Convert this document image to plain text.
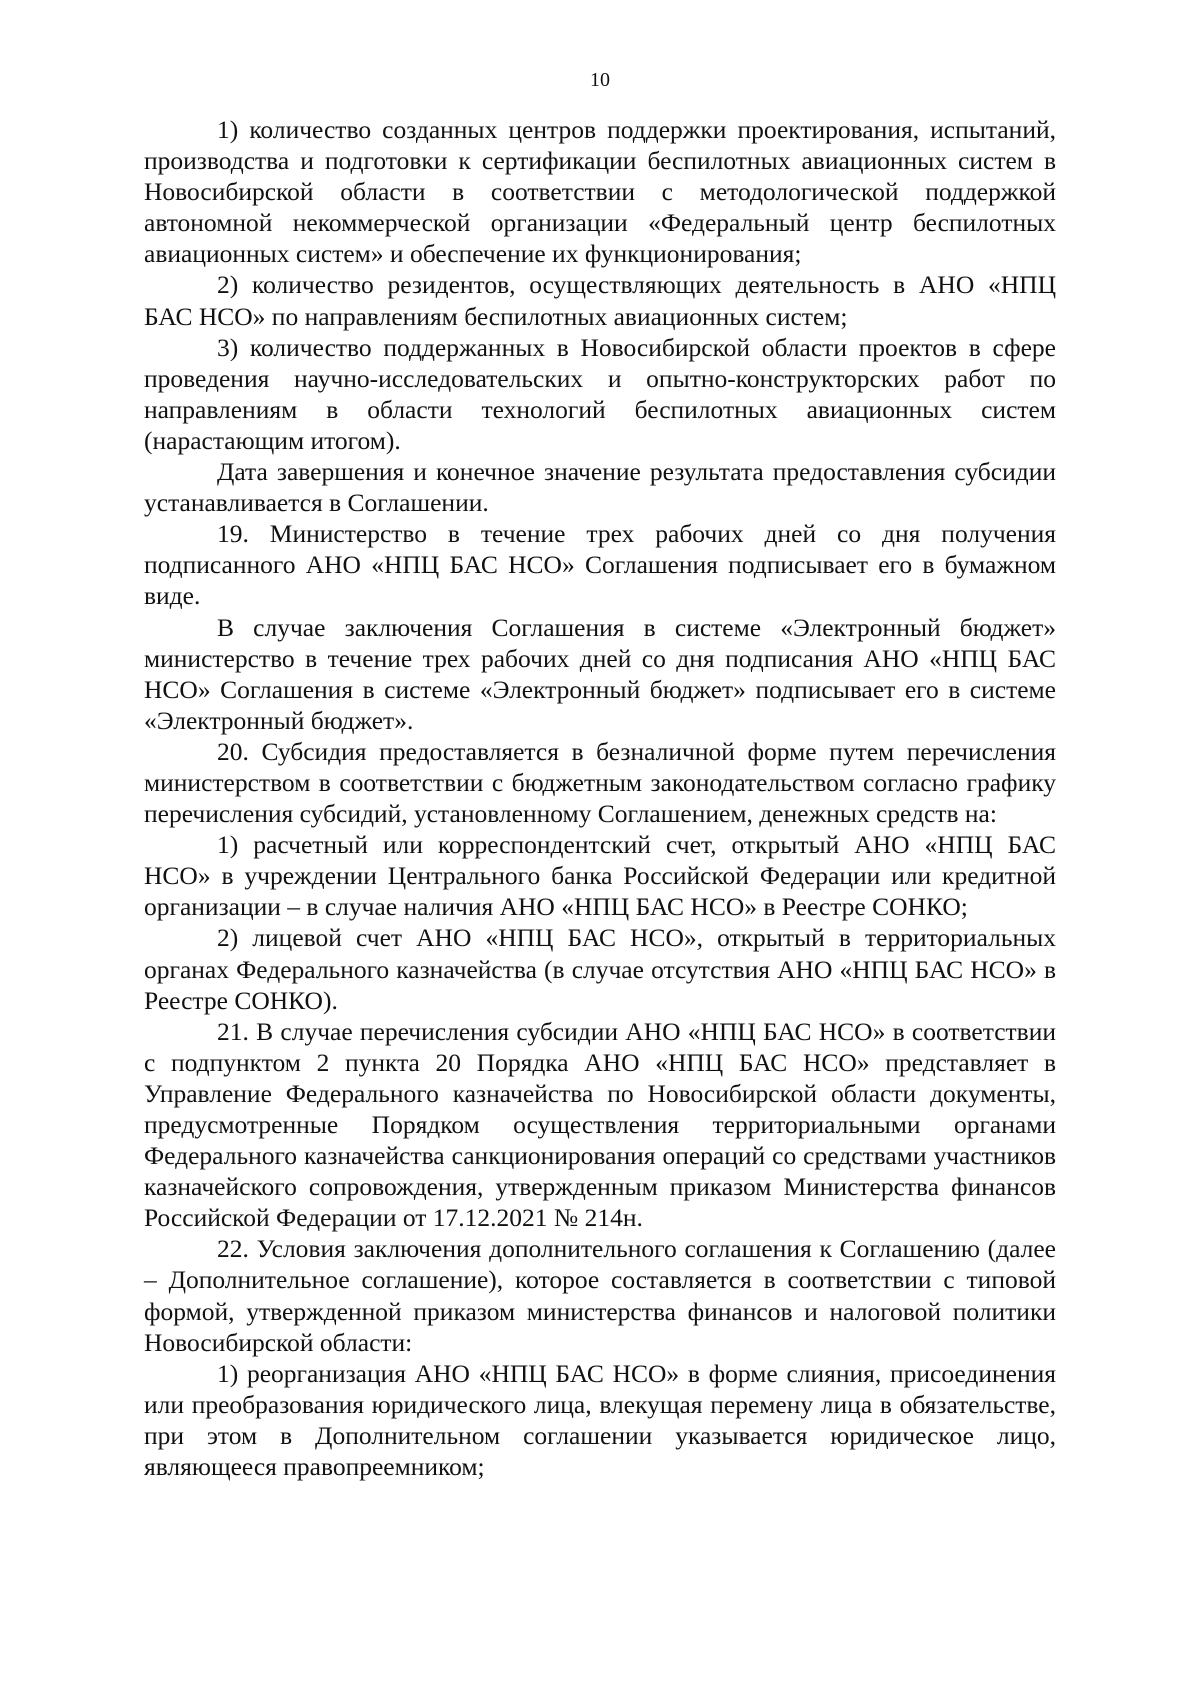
10

1) количество созданных центров поддержки проектирования, испытаний, производства и подготовки к сертификации беспилотных авиационных систем в Новосибирской области в соответствии с методологической поддержкой автономной некоммерческой организации «Федеральный центр беспилотных авиационных систем» и обеспечение их функционирования;

2) количество резидентов, осуществляющих деятельность в АНО «НПЦ БАС НСО» по направлениям беспилотных авиационных систем;

3) количество поддержанных в Новосибирской области проектов в сфере проведения научно-исследовательских и опытно-конструкторских работ по направлениям в области технологий беспилотных авиационных систем (нарастающим итогом).

Дата завершения и конечное значение результата предоставления субсидии устанавливается в Соглашении.

19. Министерство в течение трех рабочих дней со дня получения подписанного АНО «НПЦ БАС НСО» Соглашения подписывает его в бумажном виде.

В случае заключения Соглашения в системе «Электронный бюджет» министерство в течение трех рабочих дней со дня подписания АНО «НПЦ БАС НСО» Соглашения в системе «Электронный бюджет» подписывает его в системе «Электронный бюджет».

20. Субсидия предоставляется в безналичной форме путем перечисления министерством в соответствии с бюджетным законодательством согласно графику перечисления субсидий, установленному Соглашением, денежных средств на:

1) расчетный или корреспондентский счет, открытый АНО «НПЦ БАС НСО» в учреждении Центрального банка Российской Федерации или кредитной организации – в случае наличия АНО «НПЦ БАС НСО» в Реестре СОНКО;

2) лицевой счет АНО «НПЦ БАС НСО», открытый в территориальных органах Федерального казначейства (в случае отсутствия АНО «НПЦ БАС НСО» в Реестре СОНКО).

21. В случае перечисления субсидии АНО «НПЦ БАС НСО» в соответствии с подпунктом 2 пункта 20 Порядка АНО «НПЦ БАС НСО» представляет в Управление Федерального казначейства по Новосибирской области документы, предусмотренные Порядком осуществления территориальными органами Федерального казначейства санкционирования операций со средствами участников казначейского сопровождения, утвержденным приказом Министерства финансов Российской Федерации от 17.12.2021 № 214н.

22. Условия заключения дополнительного соглашения к Соглашению (далее – Дополнительное соглашение), которое составляется в соответствии с типовой формой, утвержденной приказом министерства финансов и налоговой политики Новосибирской области:

1) реорганизация АНО «НПЦ БАС НСО» в форме слияния, присоединения или преобразования юридического лица, влекущая перемену лица в обязательстве, при этом в Дополнительном соглашении указывается юридическое лицо, являющееся правопреемником;
